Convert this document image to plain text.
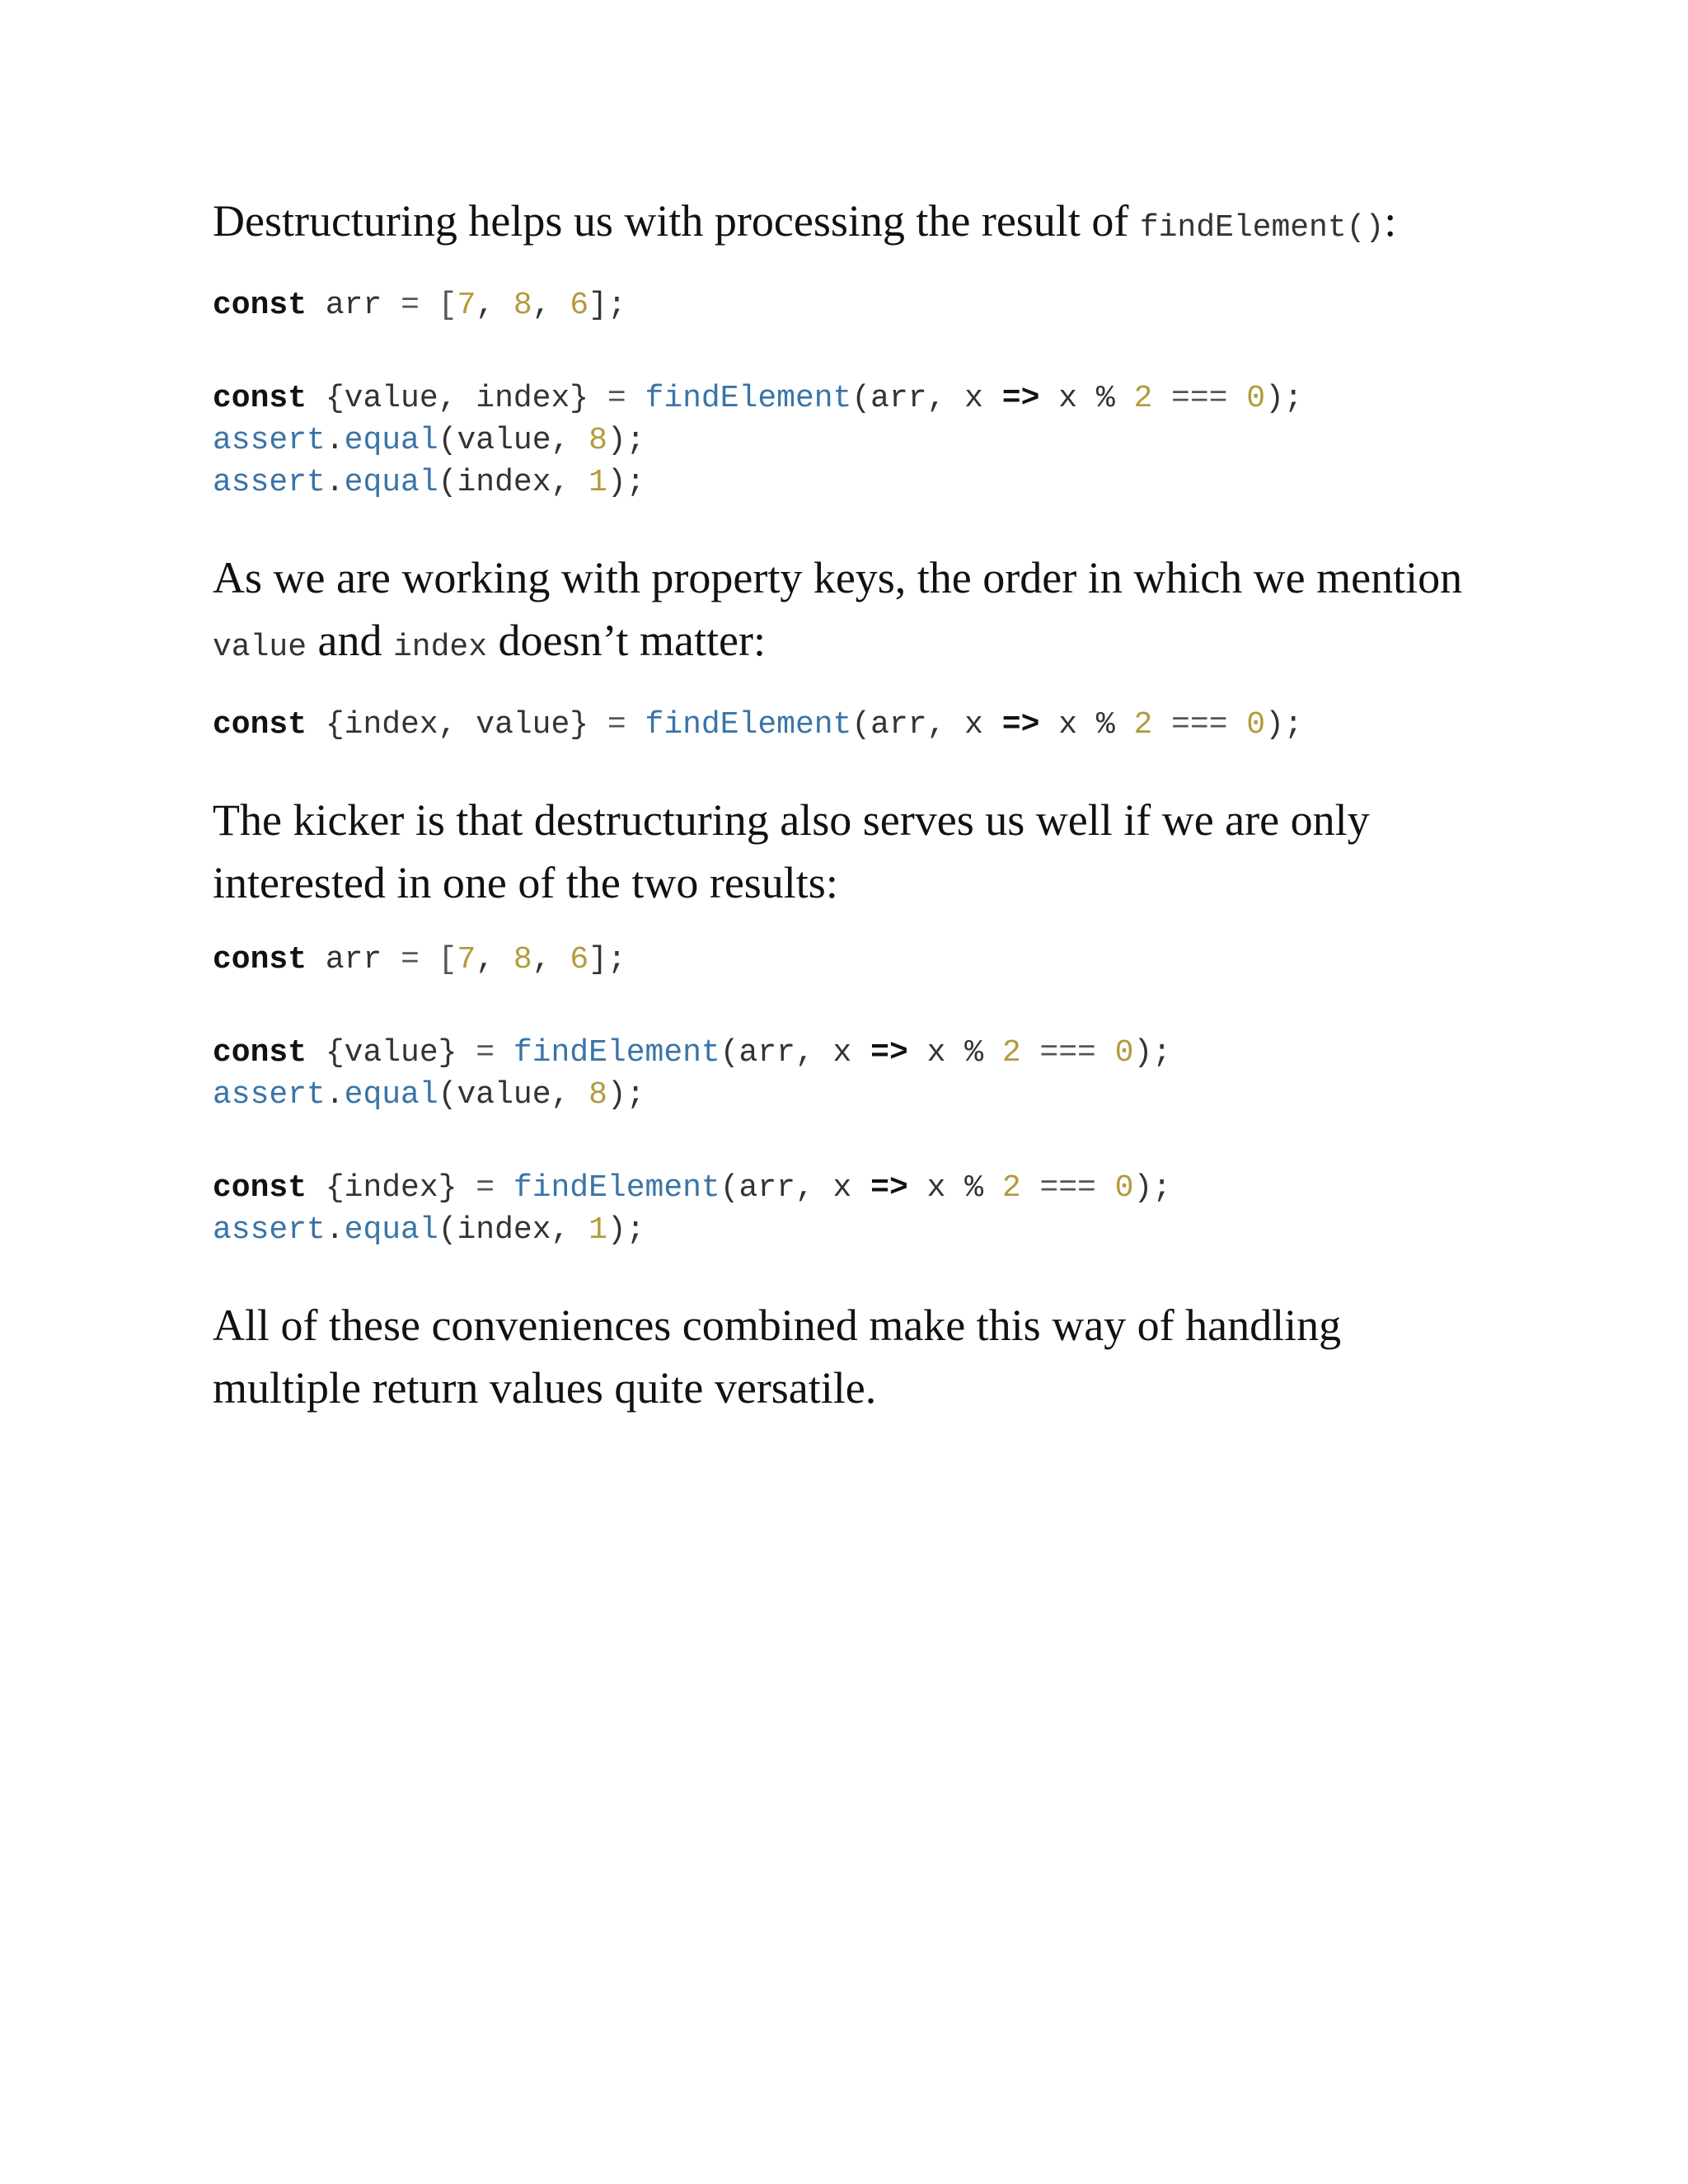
Destructuring helps us with processing the result of findElement():

const arr = [7, 8, 6];
const {value, index} = findElement(arr, x => x % 2 === 0);
assert.equal(value, 8);
assert.equal(index, 1);

As we are working with property keys, the order in which we mention
value and index doesn’t matter:

const {index, value} = findElement(arr, x => x % 2 === 0);

The kicker is that destructuring also serves us well if we are only
interested in one of the two results:

const arr = [7, 8, 6];
const {value} = findElement(arr, x => x % 2 === 0);
assert.equal(value, 8);
const {index} = findElement(arr, x => x % 2 === 0);
assert.equal(index, 1);

All of these conveniences combined make this way of handling
multiple return values quite versatile.
